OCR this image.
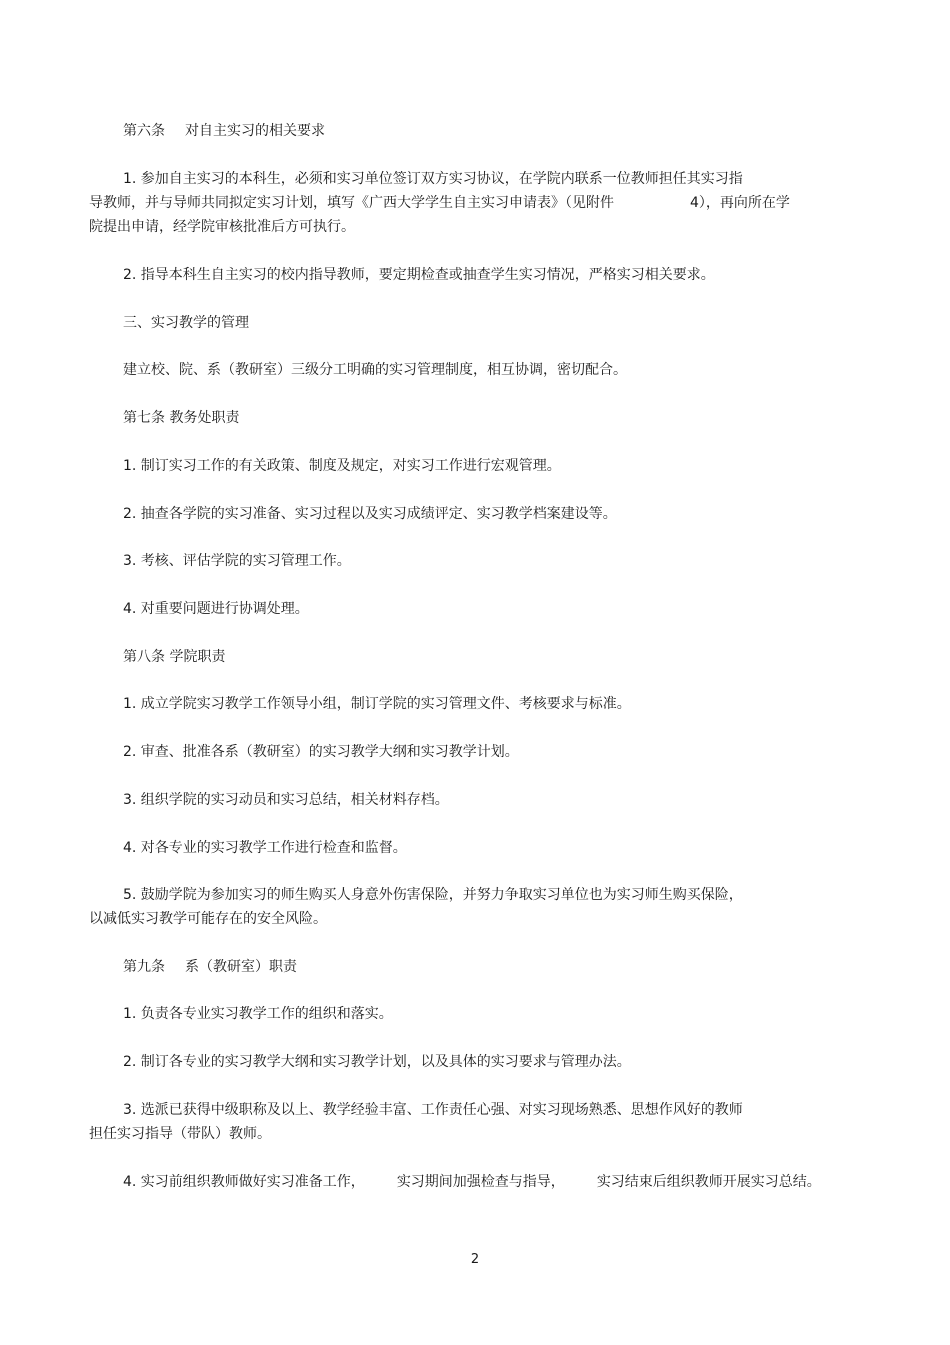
第六条 对自主实习的相关要求
1. 参加自主实习的本科生，必须和实习单位签订双方实习协议，在学院内联系一位教师担任其实习指
导教师，并与导师共同拟定实习计划，填写《广西大学学生自主实习申请表》（见附件	4），再向所在学
院提出申请，经学院审核批准后方可执行。
2. 指导本科生自主实习的校内指导教师，要定期检查或抽查学生实习情况，严格实习相关要求。
三、实习教学的管理
建立校、院、系（教研室）三级分工明确的实习管理制度，相互协调，密切配合。
第七条 教务处职责
1. 制订实习工作的有关政策、制度及规定，对实习工作进行宏观管理。
2. 抽查各学院的实习准备、实习过程以及实习成绩评定、实习教学档案建设等。
3. 考核、评估学院的实习管理工作。
4. 对重要问题进行协调处理。
第八条 学院职责
1. 成立学院实习教学工作领导小组，制订学院的实习管理文件、考核要求与标准。
2. 审查、批准各系（教研室）的实习教学大纲和实习教学计划。
3. 组织学院的实习动员和实习总结，相关材料存档。
4. 对各专业的实习教学工作进行检查和监督。
5. 鼓励学院为参加实习的师生购买人身意外伤害保险，并努力争取实习单位也为实习师生购买保险，
以减低实习教学可能存在的安全风险。
第九条 系（教研室）职责
1. 负责各专业实习教学工作的组织和落实。
2. 制订各专业的实习教学大纲和实习教学计划，以及具体的实习要求与管理办法。
3. 选派已获得中级职称及以上、教学经验丰富、工作责任心强、对实习现场熟悉、思想作风好的教师
担任实习指导（带队）教师。
4. 实习前组织教师做好实习准备工作， 实习期间加强检查与指导， 实习结束后组织教师开展实习总结。
2
